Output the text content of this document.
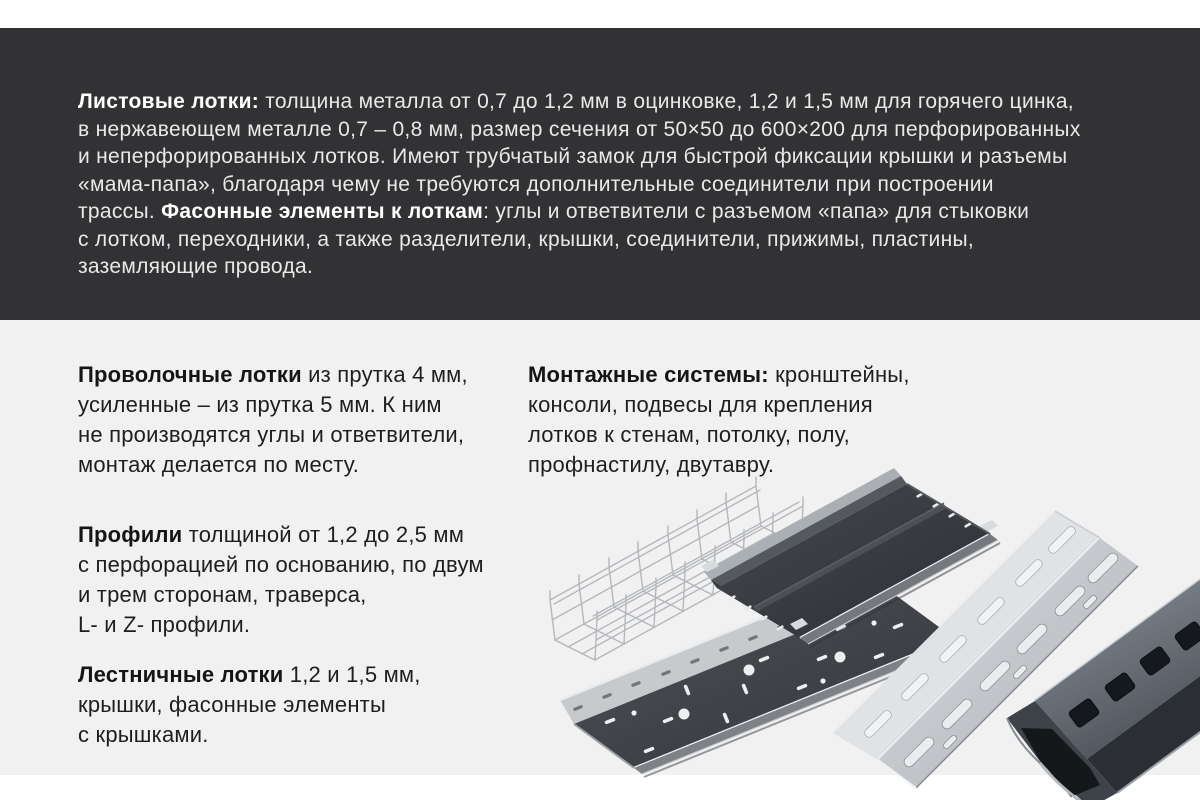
Листовые лотки: толщина металла от 0,7 до 1,2 мм в оцинковке, 1,2 и 1,5 мм для горячего цинка,
в нержавеющем металле 0,7 – 0,8 мм, размер сечения от 50×50 до 600×200 для перфорированных
и неперфорированных лотков. Имеют трубчатый замок для быстрой фиксации крышки и разъемы
«мама-папа», благодаря чему не требуются дополнительные соединители при построении
трассы. Фасонные элементы к лоткам: углы и ответвители с разъемом «папа» для стыковки
с лотком, переходники, а также разделители, крышки, соединители, прижимы, пластины,
заземляющие провода.
Проволочные лотки из прутка 4 мм,
усиленные – из прутка 5 мм. К ним
не производятся углы и ответвители,
монтаж делается по месту.
Монтажные системы: кронштейны,
консоли, подвесы для крепления
лотков к стенам, потолку, полу,
профнастилу, двутавру.
Профили толщиной от 1,2 до 2,5 мм
с перфорацией по основанию, по двум
и трем сторонам, траверса,
L- и Z- профили.
Лестничные лотки 1,2 и 1,5 мм,
крышки, фасонные элементы
с крышками.
